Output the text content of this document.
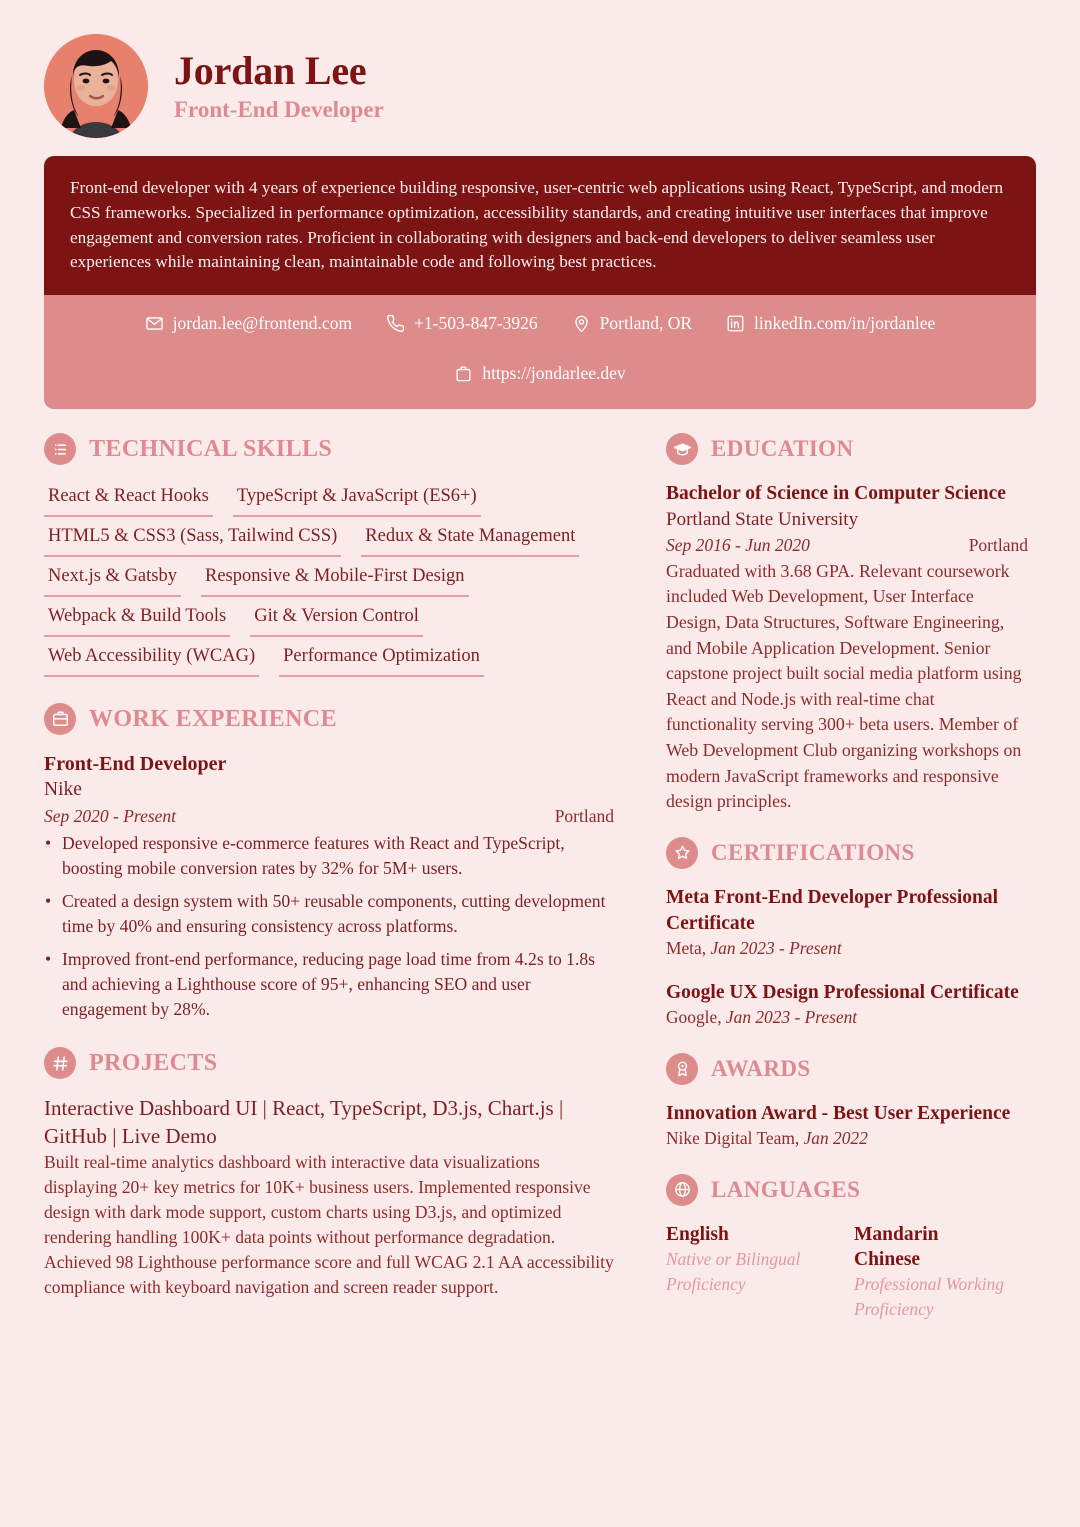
Jordan Lee
Front-End Developer
Front-end developer with 4 years of experience building responsive, user-centric web applications using React, TypeScript, and modern CSS frameworks. Specialized in performance optimization, accessibility standards, and creating intuitive user interfaces that improve engagement and conversion rates. Proficient in collaborating with designers and back-end developers to deliver seamless user experiences while maintaining clean, maintainable code and following best practices.
jordan.lee@frontend.com	+1-503-847-3926	Portland, OR	linkedIn.com/in/jordanlee
https://jondarlee.dev
TECHNICAL SKILLS
React & React Hooks TypeScript & JavaScript (ES6+)
HTML5 & CSS3 (Sass, Tailwind CSS) Redux & State Management
Next.js & Gatsby Responsive & Mobile-First Design
Webpack & Build Tools Git & Version Control
Web Accessibility (WCAG) Performance Optimization
WORK EXPERIENCE
Front-End Developer
Nike
Sep 2020 - Present	Portland
• Developed responsive e-commerce features with React and TypeScript, boosting mobile conversion rates by 32% for 5M+ users.
• Created a design system with 50+ reusable components, cutting development time by 40% and ensuring consistency across platforms.
• Improved front-end performance, reducing page load time from 4.2s to 1.8s and achieving a Lighthouse score of 95+, enhancing SEO and user engagement by 28%.
PROJECTS
Interactive Dashboard UI | React, TypeScript, D3.js, Chart.js | GitHub | Live Demo
Built real-time analytics dashboard with interactive data visualizations displaying 20+ key metrics for 10K+ business users. Implemented responsive design with dark mode support, custom charts using D3.js, and optimized rendering handling 100K+ data points without performance degradation. Achieved 98 Lighthouse performance score and full WCAG 2.1 AA accessibility compliance with keyboard navigation and screen reader support.
EDUCATION
Bachelor of Science in Computer Science
Portland State University
Sep 2016 - Jun 2020	Portland
Graduated with 3.68 GPA. Relevant coursework included Web Development, User Interface Design, Data Structures, Software Engineering, and Mobile Application Development. Senior capstone project built social media platform using React and Node.js with real-time chat functionality serving 300+ beta users. Member of Web Development Club organizing workshops on modern JavaScript frameworks and responsive design principles.
CERTIFICATIONS
Meta Front-End Developer Professional Certificate
Meta, Jan 2023 - Present
Google UX Design Professional Certificate
Google, Jan 2023 - Present
AWARDS
Innovation Award - Best User Experience
Nike Digital Team, Jan 2022
LANGUAGES
English
Native or Bilingual Proficiency
Mandarin Chinese
Professional Working Proficiency
